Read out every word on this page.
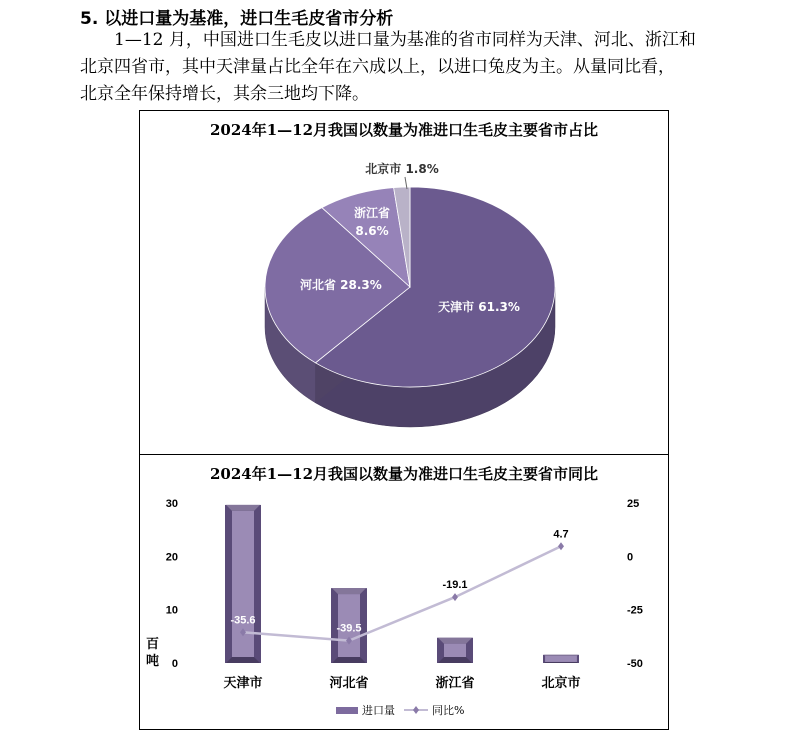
5. 以进口量为基准，进口生毛皮省市分析

　　1—12 月，中国进口生毛皮以进口量为基准的省市同样为天津、河北、浙江和
北京四省市，其中天津量占比全年在六成以上，以进口兔皮为主。从量同比看，
北京全年保持增长，其余三地均下降。

2024年1—12月我国以数量为准进口生毛皮主要省市占比
河北省 28.3%
浙江省
8.6%
天津市 61.3%
北京市 1.8%
2024年1—12月我国以数量为准进口生毛皮主要省市同比
0
10
20
30
-50
-25
0
25
天津市	河北省	浙江省	北京市
-35.6
-39.5
-19.1
4.7
百
吨
进口量	同比%
